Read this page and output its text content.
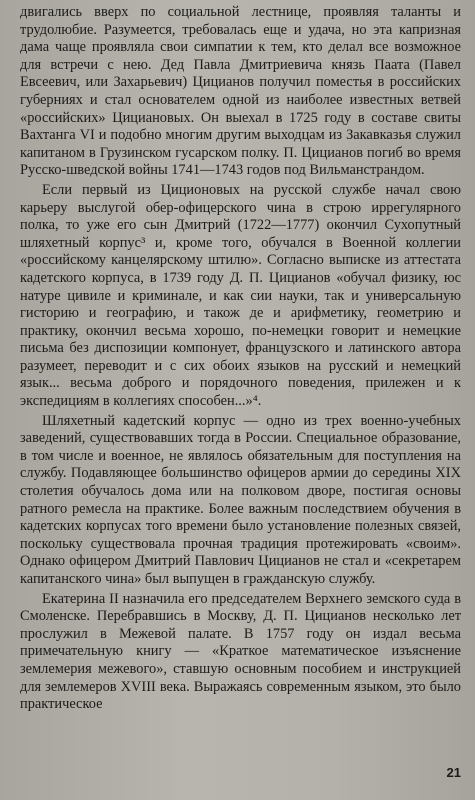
двигались вверх по социальной лестнице, проявляя таланты и трудолюбие. Разумеется, требовалась еще и удача, но эта капризная дама чаще проявляла свои симпатии к тем, кто делал все возможное для встречи с нею. Дед Павла Дмитриевича князь Паата (Павел Евсеевич, или Захарьевич) Цицианов получил поместья в российских губерниях и стал основателем одной из наиболее известных ветвей «российских» Цициановых. Он выехал в 1725 году в составе свиты Вахтанга VI и подобно многим другим выходцам из Закавказья служил капитаном в Грузинском гусарском полку. П. Цицианов погиб во время Русско-шведской войны 1741—1743 годов под Вильманстрандом.

Если первый из Циционовых на русской службе начал свою карьеру выслугой обер-офицерского чина в строю иррегулярного полка, то уже его сын Дмитрий (1722—1777) окончил Сухопутный шляхетный корпус³ и, кроме того, обучался в Военной коллегии «российскому канцелярскому штилю». Согласно выписке из аттестата кадетского корпуса, в 1739 году Д. П. Цицианов «обучал физику, юс натуре цивиле и криминале, и как сии науки, так и универсальную гисторию и географию, и також де и арифметику, геометрию и практику, окончил весьма хорошо, по-немецки говорит и немецкие письма без диспозиции компонует, французского и латинского автора разумеет, переводит и с сих обоих языков на русский и немецкий язык... весьма доброго и порядочного поведения, прилежен и к экспедициям в коллегиях способен...»⁴.

Шляхетный кадетский корпус — одно из трех военно-учебных заведений, существовавших тогда в России. Специальное образование, в том числе и военное, не являлось обязательным для поступления на службу. Подавляющее большинство офицеров армии до середины XIX столетия обучалось дома или на полковом дворе, постигая основы ратного ремесла на практике. Более важным последствием обучения в кадетских корпусах того времени было установление полезных связей, поскольку существовала прочная традиция протежировать «своим». Однако офицером Дмитрий Павлович Цицианов не стал и «секретарем капитанского чина» был выпущен в гражданскую службу.

Екатерина II назначила его председателем Верхнего земского суда в Смоленске. Перебравшись в Москву, Д. П. Цицианов несколько лет прослужил в Межевой палате. В 1757 году он издал весьма примечательную книгу — «Краткое математическое изъяснение землемерия межевого», ставшую основным пособием и инструкцией для землемеров XVIII века. Выражаясь современным языком, это было практическое

21
